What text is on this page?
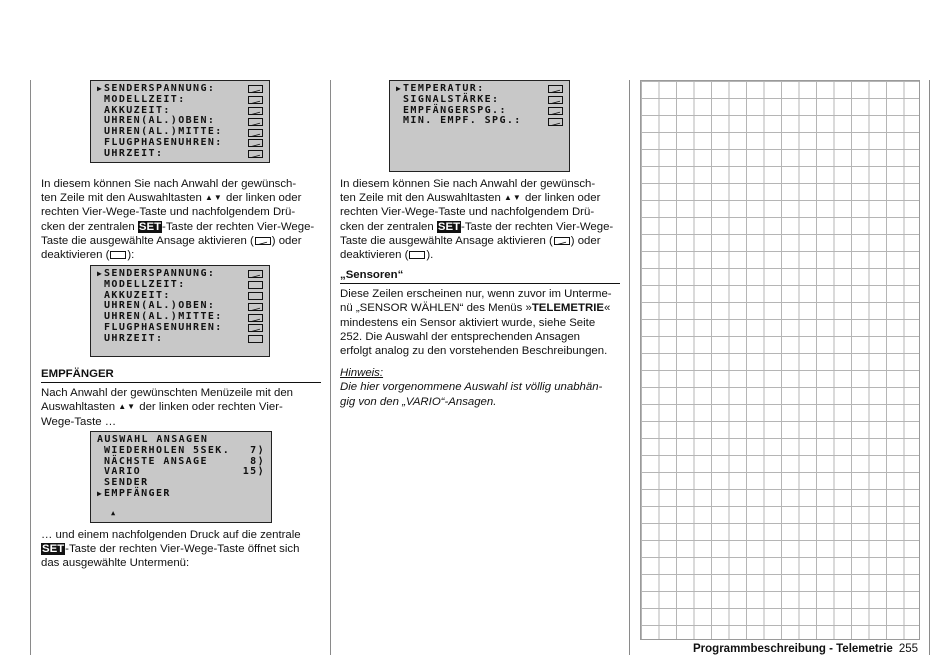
▶ SENDERSPANNUNG:
MODELLZEIT:
AKKUZEIT:
UHREN(AL.)OBEN:
UHREN(AL.)MITTE:
FLUGPHASENUHREN:
UHRZEIT:

In diesem können Sie nach Anwahl der gewünsch-

ten Zeile mit den Auswahltasten ▲▼ der linken oder

rechten Vier-Wege-Taste und nachfolgendem Drü-

cken der zentralen SET-Taste der rechten Vier-Wege-

Taste die ausgewählte Ansage aktivieren ( ) oder

deaktivieren ( ):

▶ SENDERSPANNUNG:
MODELLZEIT:
AKKUZEIT:
UHREN(AL.)OBEN:
UHREN(AL.)MITTE:
FLUGPHASENUHREN:
UHRZEIT:

EMPFÄNGER

Nach Anwahl der gewünschten Menüzeile mit den

Auswahltasten ▲▼ der linken oder rechten Vier-

Wege-Taste …

AUSWAHL ANSAGEN
WIEDERHOLEN 5SEK.	7⟩
NÄCHSTE ANSAGE	8⟩
VARIO	15⟩
SENDER
▶ EMPFÄNGER
▲

… und einem nachfolgenden Druck auf die zentrale

SET-Taste der rechten Vier-Wege-Taste öffnet sich

das ausgewählte Untermenü:

▶ TEMPERATUR:
SIGNALSTÄRKE:
EMPFÄNGERSPG.:
MIN. EMPF. SPG.:

In diesem können Sie nach Anwahl der gewünsch-

ten Zeile mit den Auswahltasten ▲▼ der linken oder

rechten Vier-Wege-Taste und nachfolgendem Drü-

cken der zentralen SET-Taste der rechten Vier-Wege-

Taste die ausgewählte Ansage aktivieren ( ) oder

deaktivieren ( ).

„Sensoren“

Diese Zeilen erscheinen nur, wenn zuvor im Unterme-

nü „SENSOR WÄHLEN“ des Menüs »TELEMETRIE«

mindestens ein Sensor aktiviert wurde, siehe Seite

252. Die Auswahl der entsprechenden Ansagen

erfolgt analog zu den vorstehenden Beschreibungen.

Hinweis:

Die hier vorgenommene Auswahl ist völlig unabhän-

gig von den „VARIO“-Ansagen.

Programmbeschreibung - Telemetrie 255
